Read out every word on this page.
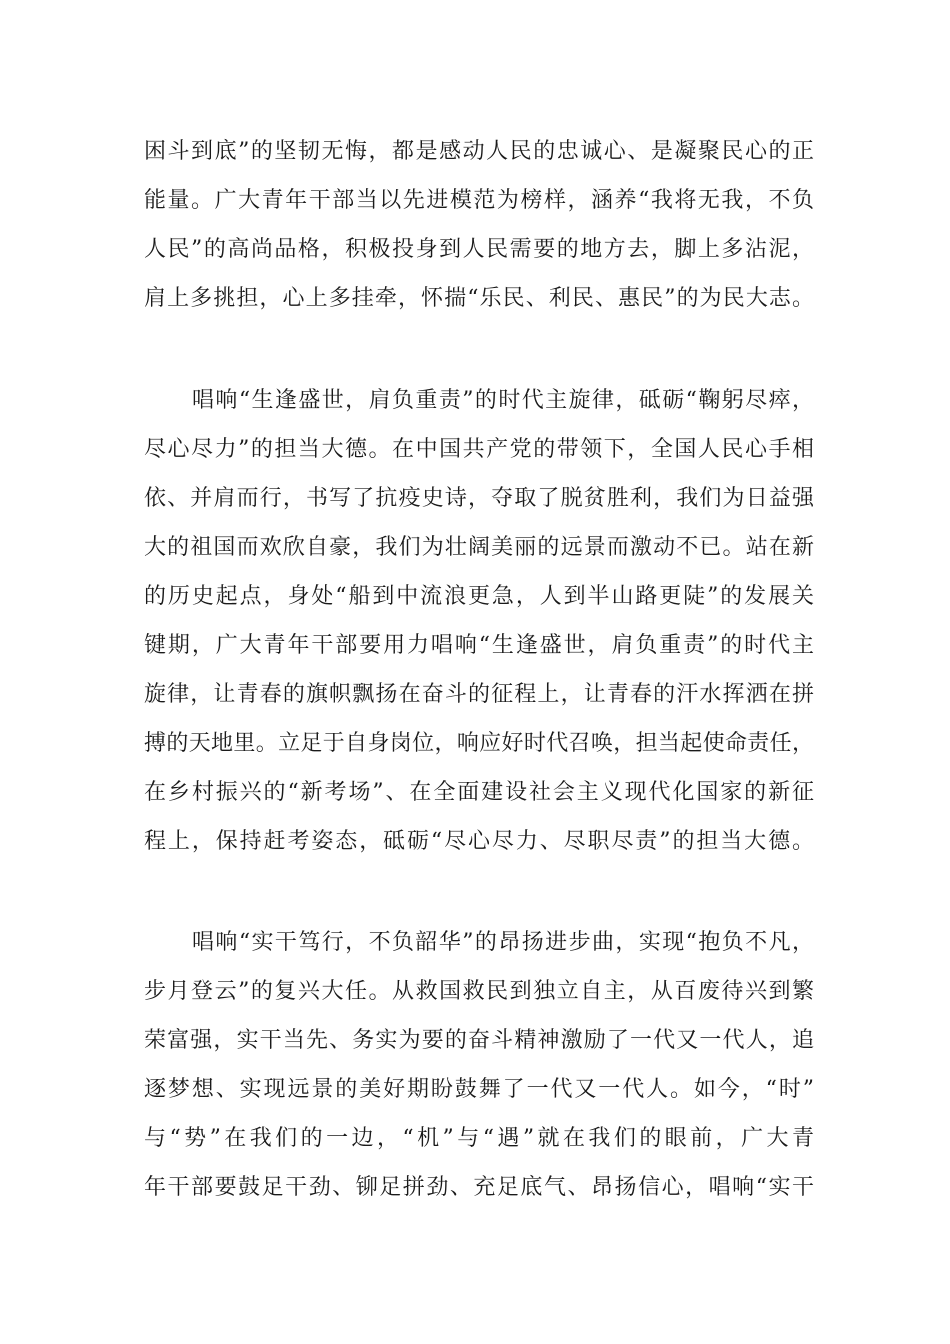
困斗到底”的坚韧无悔，都是感动人民的忠诚心、是凝聚民心的正
能量。广大青年干部当以先进模范为榜样，涵养“我将无我，不负
人民”的高尚品格，积极投身到人民需要的地方去，脚上多沾泥，
肩上多挑担，心上多挂牵，怀揣“乐民、利民、惠民”的为民大志。
唱响“生逢盛世，肩负重责”的时代主旋律，砥砺“鞠躬尽瘁，
尽心尽力”的担当大德。在中国共产党的带领下，全国人民心手相
依、并肩而行，书写了抗疫史诗，夺取了脱贫胜利，我们为日益强
大的祖国而欢欣自豪，我们为壮阔美丽的远景而激动不已。站在新
的历史起点，身处“船到中流浪更急，人到半山路更陡”的发展关
键期，广大青年干部要用力唱响“生逢盛世，肩负重责”的时代主
旋律，让青春的旗帜飘扬在奋斗的征程上，让青春的汗水挥洒在拼
搏的天地里。立足于自身岗位，响应好时代召唤，担当起使命责任，
在乡村振兴的“新考场”、在全面建设社会主义现代化国家的新征
程上，保持赶考姿态，砥砺“尽心尽力、尽职尽责”的担当大德。
唱响“实干笃行，不负韶华”的昂扬进步曲，实现“抱负不凡，
步月登云”的复兴大任。从救国救民到独立自主，从百废待兴到繁
荣富强，实干当先、务实为要的奋斗精神激励了一代又一代人，追
逐梦想、实现远景的美好期盼鼓舞了一代又一代人。如今，“时”
与“势”在我们的一边，“机”与“遇”就在我们的眼前，广大青
年干部要鼓足干劲、铆足拼劲、充足底气、昂扬信心，唱响“实干
